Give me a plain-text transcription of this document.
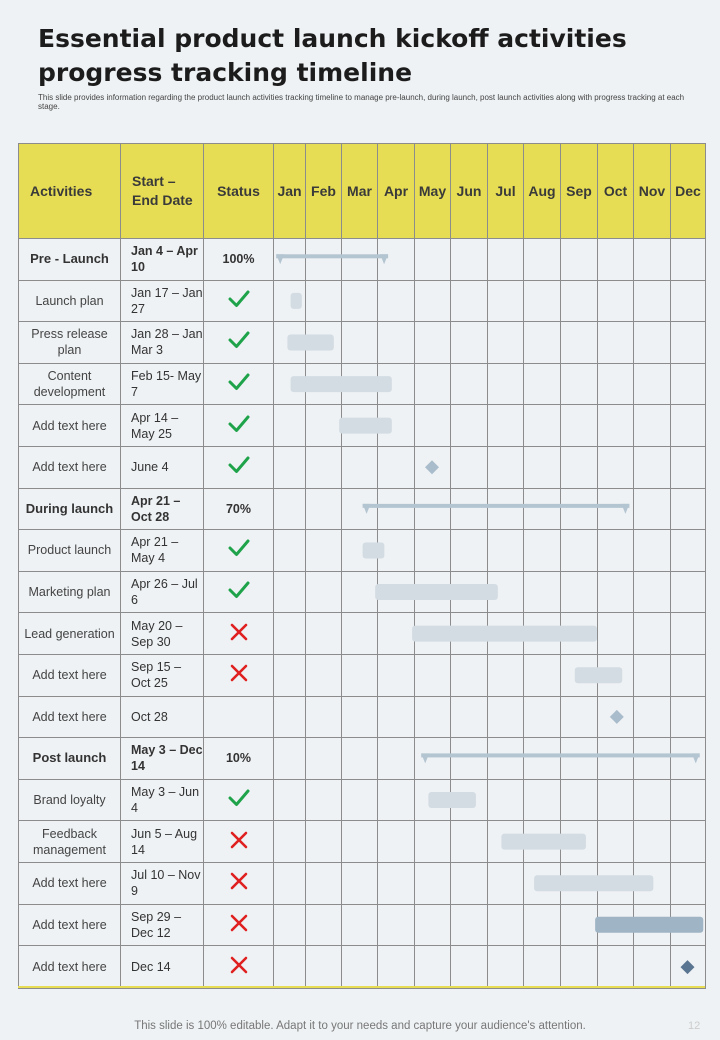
Essential product launch kickoff activities progress tracking timeline
This slide provides information regarding the product launch activities tracking timeline to manage pre-launch, during launch, post launch activities along with progress tracking at each stage.
Activities	Start – End Date	Status	Jan	Feb	Mar	Apr	May	Jun	Jul	Aug	Sep	Oct	Nov	Dec
Pre - Launch	Jan 4 – Apr 10	100%												
Launch plan	Jan 17 – Jan 27													
Press release plan	Jan 28 – Jan Mar 3													
Content development	Feb 15- May 7													
Add text here	Apr 14 – May 25													
Add text here	June 4													
During launch	Apr 21 – Oct 28	70%												
Product launch	Apr 21 – May 4													
Marketing plan	Apr 26 – Jul 6													
Lead generation	May 20 – Sep 30													
Add text here	Sep 15 – Oct 25													
Add text here	Oct 28													
Post launch	May 3 – Dec 14	10%												
Brand loyalty	May 3 – Jun 4													
Feedback management	Jun 5 – Aug 14													
Add text here	Jul 10 – Nov 9													
Add text here	Sep 29 – Dec 12													
Add text here	Dec 14													
This slide is 100% editable. Adapt it to your needs and capture your audience's attention.	12
